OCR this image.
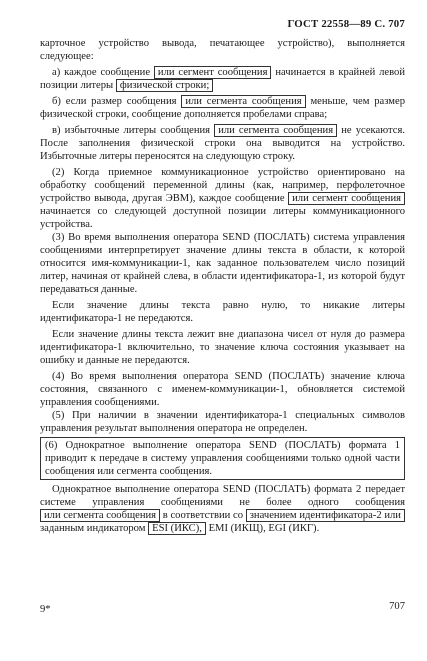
ГОСТ 22558—89 С. 707

карточное устройство вывода, печатающее устройство), выполняется следующее:

а) каждое сообщение или сегмент сообщения начинается в крайней левой позиции литеры физической строки;

б) если размер сообщения или сегмента сообщения меньше, чем размер физической строки, сообщение дополняется пробелами справа;

в) избыточные литеры сообщения или сегмента сообщения не усекаются. После заполнения физической строки она выводится на устройство. Избыточные литеры переносятся на следующую строку.

(2) Когда приемное коммуникационное устройство ориентировано на обработку сообщений переменной длины (как, например, перфолеточное устройство вывода, другая ЭВМ), каждое сообщение или сегмент сообщения начинается со следующей доступной позиции литеры коммуникационного устройства.

(3) Во время выполнения оператора SEND (ПОСЛАТЬ) система управления сообщениями интерпретирует значение длины текста в области, к которой относится имя-коммуникации-1, как заданное пользователем число позиций литер, начиная от крайней слева, в области идентификатора-1, из которой будут передаваться данные.

Если значение длины текста равно нулю, то никакие литеры идентификатора-1 не передаются.

Если значение длины текста лежит вне диапазона чисел от нуля до размера идентификатора-1 включительно, то значение ключа состояния указывает на ошибку и данные не передаются.

(4) Во время выполнения оператора SEND (ПОСЛАТЬ) значение ключа состояния, связанного с именем-коммуникации-1, обновляется системой управления сообщениями.

(5) При наличии в значении идентификатора-1 специальных символов управления результат выполнения оператора не определен.

(6) Однократное выполнение оператора SEND (ПОСЛАТЬ) формата 1 приводит к передаче в систему управления сообщениями только одной части сообщения или сегмента сообщения.

Однократное выполнение оператора SEND (ПОСЛАТЬ) формата 2 передает системе управления сообщениями не более одного сообщения или сегмента сообщения в соответствии со значением идентификатора-2 или заданным индикатором ESI (ИКС), EMI (ИКЩ), EGI (ИКГ).

9*	707
